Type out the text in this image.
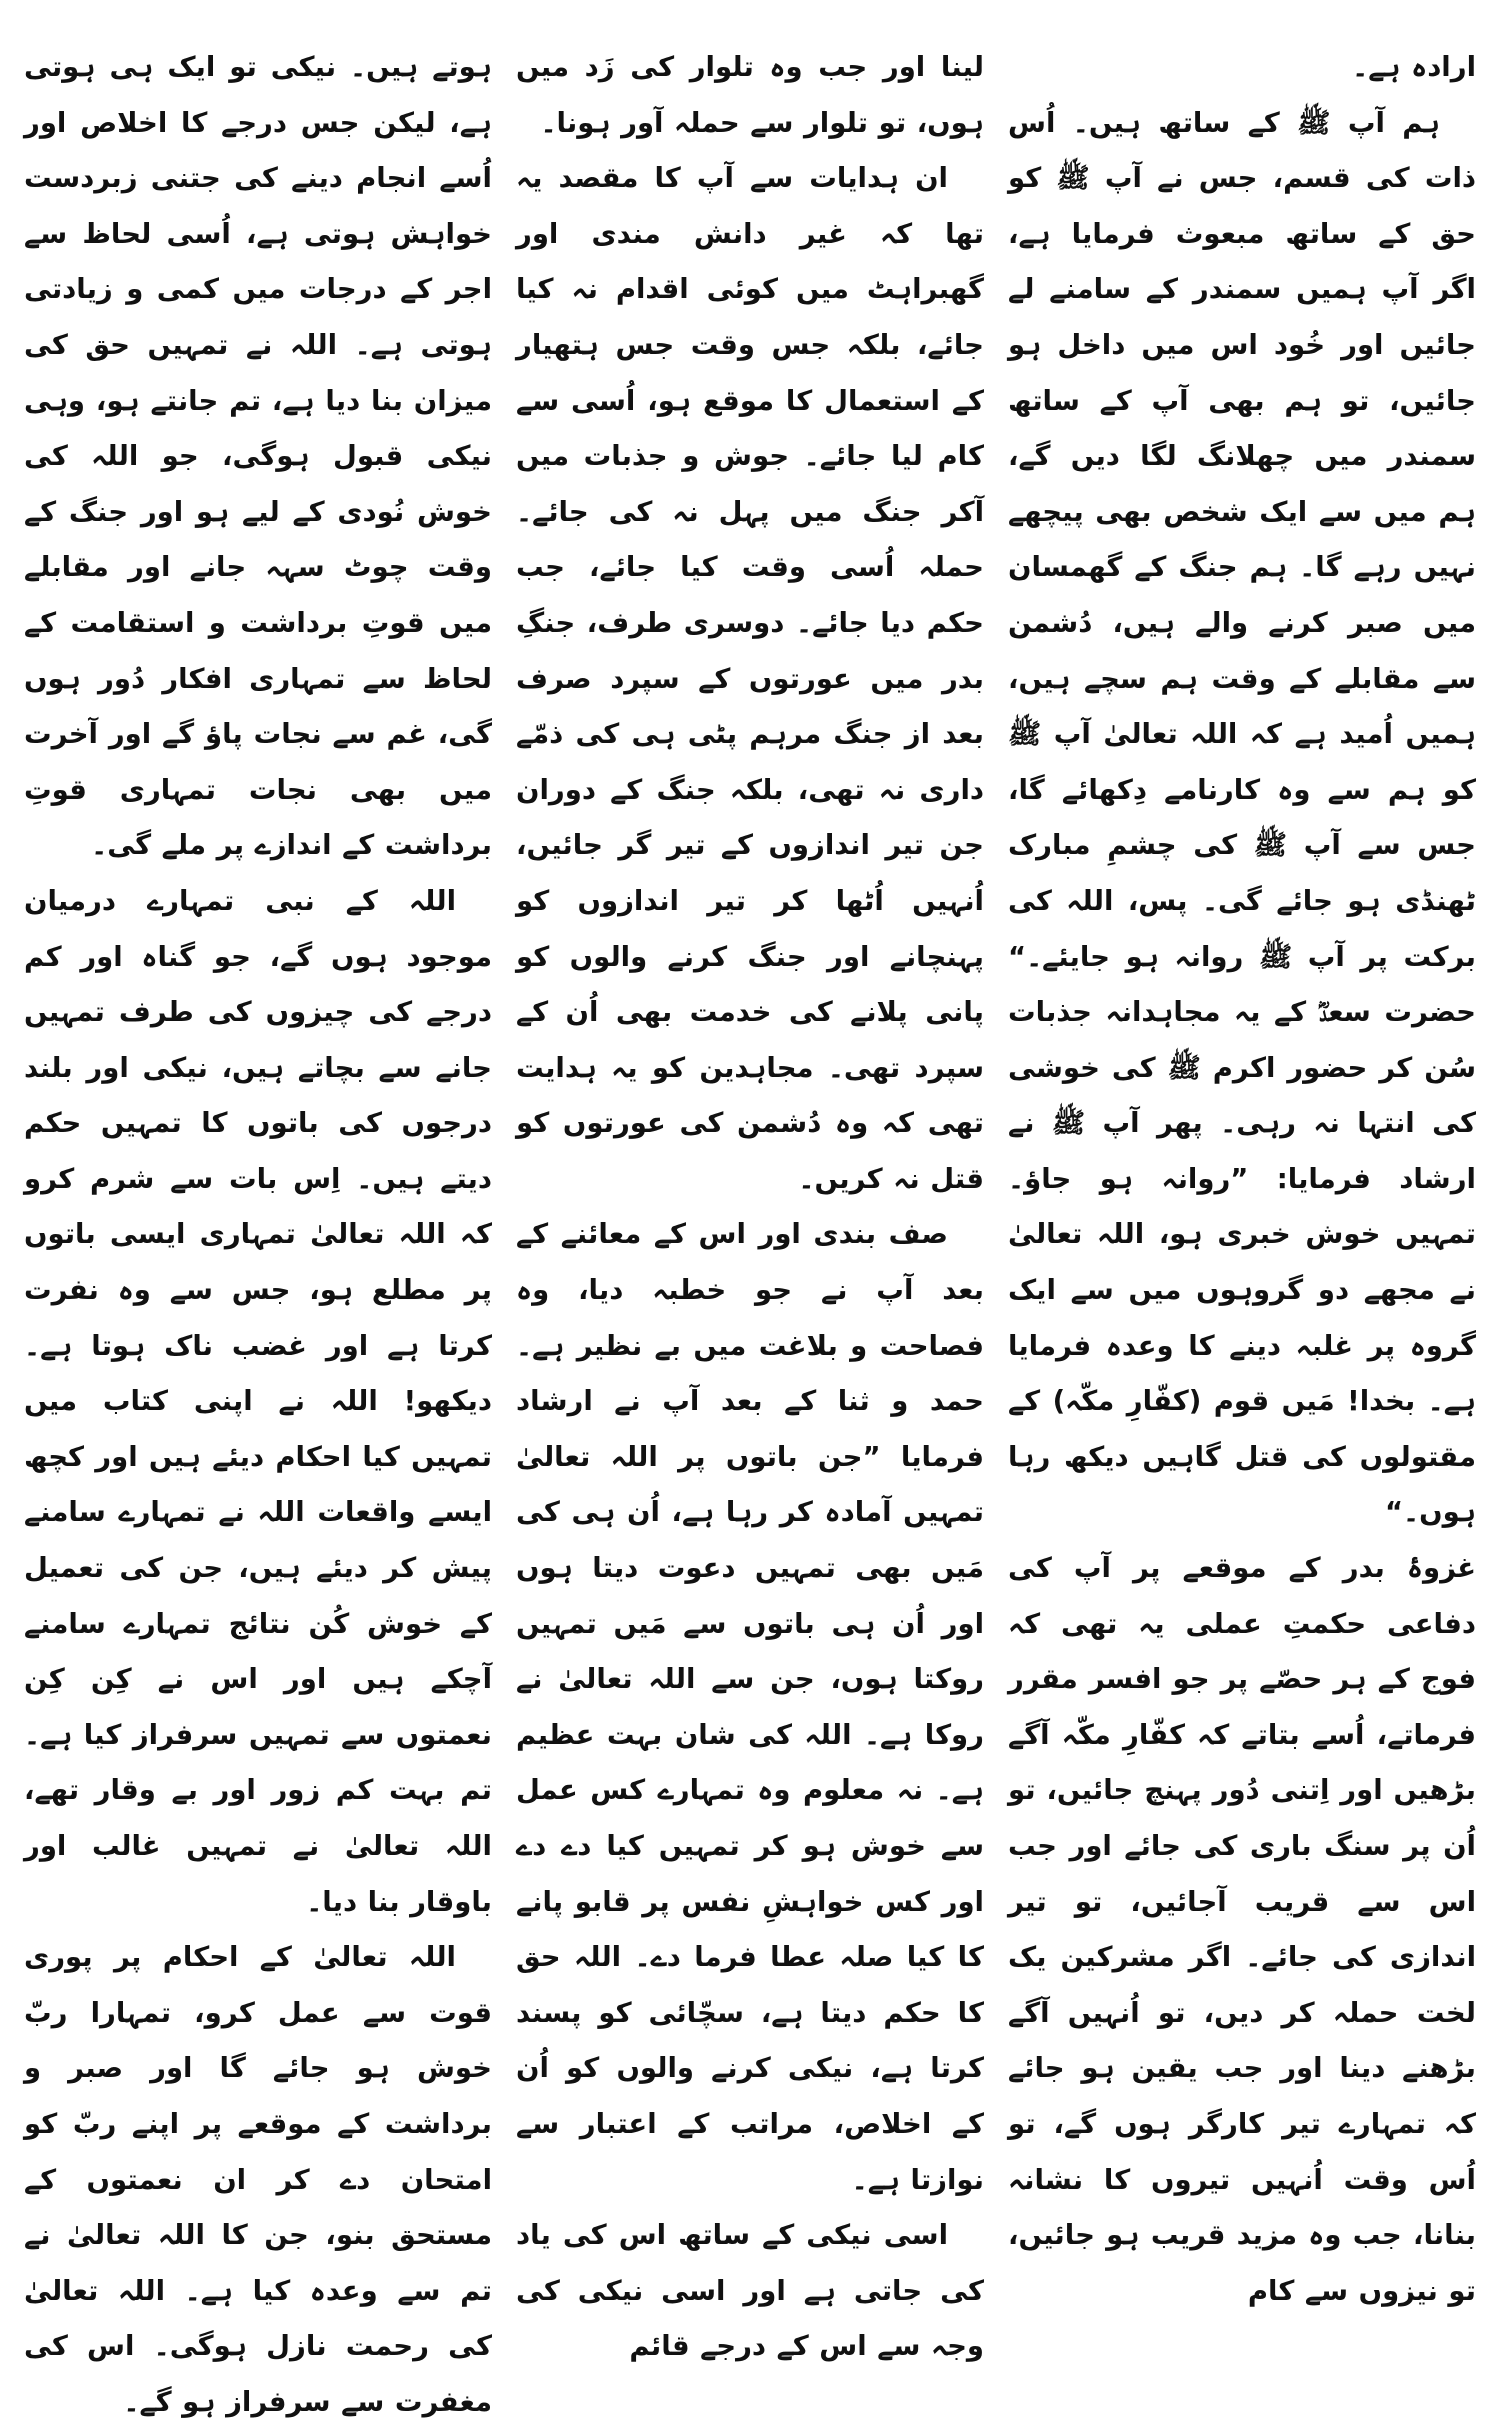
ارادہ ہے۔

ہم آپ ﷺ کے ساتھ ہیں۔ اُس ذات کی قسم، جس نے آپ ﷺ کو حق کے ساتھ مبعوث فرمایا ہے، اگر آپ ہمیں سمندر کے سامنے لے جائیں اور خُود اس میں داخل ہو جائیں، تو ہم بھی آپ کے ساتھ سمندر میں چھلانگ لگا دیں گے، ہم میں سے ایک شخص بھی پیچھے نہیں رہے گا۔ ہم جنگ کے گھمسان میں صبر کرنے والے ہیں، دُشمن سے مقابلے کے وقت ہم سچے ہیں، ہمیں اُمید ہے کہ اللہ تعالیٰ آپ ﷺ کو ہم سے وہ کارنامے دِکھائے گا، جس سے آپ ﷺ کی چشمِ مبارک ٹھنڈی ہو جائے گی۔ پس، اللہ کی برکت پر آپ ﷺ روانہ ہو جایئے۔“ حضرت سعدؓ کے یہ مجاہدانہ جذبات سُن کر حضور اکرم ﷺ کی خوشی کی انتہا نہ رہی۔ پھر آپ ﷺ نے ارشاد فرمایا: ”روانہ ہو جاؤ۔ تمہیں خوش خبری ہو، اللہ تعالیٰ نے مجھے دو گروہوں میں سے ایک گروہ پر غلبہ دینے کا وعدہ فرمایا ہے۔ بخدا! مَیں قوم (کفّارِ مکّہ) کے مقتولوں کی قتل گاہیں دیکھ رہا ہوں۔“

غزوۂ بدر کے موقعے پر آپ کی دفاعی حکمتِ عملی یہ تھی کہ فوج کے ہر حصّے پر جو افسر مقرر فرماتے، اُسے بتاتے کہ کفّارِ مکّہ آگے بڑھیں اور اِتنی دُور پہنچ جائیں، تو اُن پر سنگ باری کی جائے اور جب اس سے قریب آجائیں، تو تیر اندازی کی جائے۔ اگر مشرکین یک لخت حملہ کر دیں، تو اُنہیں آگے بڑھنے دینا اور جب یقین ہو جائے کہ تمہارے تیر کارگر ہوں گے، تو اُس وقت اُنہیں تیروں کا نشانہ بنانا، جب وہ مزید قریب ہو جائیں، تو نیزوں سے کام

لینا اور جب وہ تلوار کی زَد میں ہوں، تو تلوار سے حملہ آور ہونا۔

ان ہدایات سے آپ کا مقصد یہ تھا کہ غیر دانش مندی اور گھبراہٹ میں کوئی اقدام نہ کیا جائے، بلکہ جس وقت جس ہتھیار کے استعمال کا موقع ہو، اُسی سے کام لیا جائے۔ جوش و جذبات میں آکر جنگ میں پہل نہ کی جائے۔ حملہ اُسی وقت کیا جائے، جب حکم دیا جائے۔ دوسری طرف، جنگِ بدر میں عورتوں کے سپرد صرف بعد از جنگ مرہم پٹی ہی کی ذمّے داری نہ تھی، بلکہ جنگ کے دوران جن تیر اندازوں کے تیر گر جائیں، اُنہیں اُٹھا کر تیر اندازوں کو پہنچانے اور جنگ کرنے والوں کو پانی پلانے کی خدمت بھی اُن کے سپرد تھی۔ مجاہدین کو یہ ہدایت تھی کہ وہ دُشمن کی عورتوں کو قتل نہ کریں۔

صف بندی اور اس کے معائنے کے بعد آپ نے جو خطبہ دیا، وہ فصاحت و بلاغت میں بے نظیر ہے۔ حمد و ثنا کے بعد آپ نے ارشاد فرمایا ”جن باتوں پر اللہ تعالیٰ تمہیں آمادہ کر رہا ہے، اُن ہی کی مَیں بھی تمہیں دعوت دیتا ہوں اور اُن ہی باتوں سے مَیں تمہیں روکتا ہوں، جن سے اللہ تعالیٰ نے روکا ہے۔ اللہ کی شان بہت عظیم ہے۔ نہ معلوم وہ تمہارے کس عمل سے خوش ہو کر تمہیں کیا دے دے اور کس خواہشِ نفس پر قابو پانے کا کیا صلہ عطا فرما دے۔ اللہ حق کا حکم دیتا ہے، سچّائی کو پسند کرتا ہے، نیکی کرنے والوں کو اُن کے اخلاص، مراتب کے اعتبار سے نوازتا ہے۔

اسی نیکی کے ساتھ اس کی یاد کی جاتی ہے اور اسی نیکی کی وجہ سے اس کے درجے قائم

ہوتے ہیں۔ نیکی تو ایک ہی ہوتی ہے، لیکن جس درجے کا اخلاص اور اُسے انجام دینے کی جتنی زبردست خواہش ہوتی ہے، اُسی لحاظ سے اجر کے درجات میں کمی و زیادتی ہوتی ہے۔ اللہ نے تمہیں حق کی میزان بنا دیا ہے، تم جانتے ہو، وہی نیکی قبول ہوگی، جو اللہ کی خوش نُودی کے لیے ہو اور جنگ کے وقت چوٹ سہہ جانے اور مقابلے میں قوتِ برداشت و استقامت کے لحاظ سے تمہاری افکار دُور ہوں گی، غم سے نجات پاؤ گے اور آخرت میں بھی نجات تمہاری قوتِ برداشت کے اندازے پر ملے گی۔

اللہ کے نبی تمہارے درمیان موجود ہوں گے، جو گناہ اور کم درجے کی چیزوں کی طرف تمہیں جانے سے بچاتے ہیں، نیکی اور بلند درجوں کی باتوں کا تمہیں حکم دیتے ہیں۔ اِس بات سے شرم کرو کہ اللہ تعالیٰ تمہاری ایسی باتوں پر مطلع ہو، جس سے وہ نفرت کرتا ہے اور غضب ناک ہوتا ہے۔ دیکھو! اللہ نے اپنی کتاب میں تمہیں کیا احکام دیئے ہیں اور کچھ ایسے واقعات اللہ نے تمہارے سامنے پیش کر دیئے ہیں، جن کی تعمیل کے خوش کُن نتائج تمہارے سامنے آچکے ہیں اور اس نے کِن کِن نعمتوں سے تمہیں سرفراز کیا ہے۔ تم بہت کم زور اور بے وقار تھے، اللہ تعالیٰ نے تمہیں غالب اور باوقار بنا دیا۔

اللہ تعالیٰ کے احکام پر پوری قوت سے عمل کرو، تمہارا ربّ خوش ہو جائے گا اور صبر و برداشت کے موقعے پر اپنے ربّ کو امتحان دے کر ان نعمتوں کے مستحق بنو، جن کا اللہ تعالیٰ نے تم سے وعدہ کیا ہے۔ اللہ تعالیٰ کی رحمت نازل ہوگی۔ اس کی مغفرت سے سرفراز ہو گے۔
